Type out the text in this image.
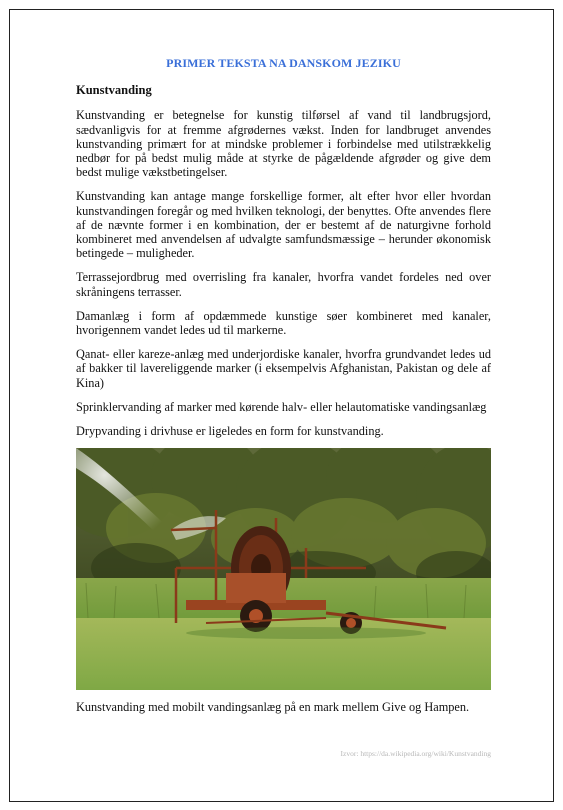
PRIMER TEKSTA NA DANSKOM JEZIKU
Kunstvanding

Kunstvanding er betegnelse for kunstig tilførsel af vand til landbrugsjord, sædvanligvis for at fremme afgrødernes vækst. Inden for landbruget anvendes kunstvanding primært for at mindske problemer i forbindelse med utilstrækkelig nedbør for på bedst mulig måde at styrke de pågældende afgrøder og give dem bedst mulige vækstbetingelser.

Kunstvanding kan antage mange forskellige former, alt efter hvor eller hvordan kunstvandingen foregår og med hvilken teknologi, der benyttes. Ofte anvendes flere af de nævnte former i en kombination, der er bestemt af de naturgivne forhold kombineret med anvendelsen af udvalgte samfundsmæssige – herunder økonomisk betingede – muligheder.

Terrassejordbrug med overrisling fra kanaler, hvorfra vandet fordeles ned over skråningens terrasser.

Damanlæg i form af opdæmmede kunstige søer kombineret med kanaler, hvorigennem vandet ledes ud til markerne.

Qanat- eller kareze-anlæg med underjordiske kanaler, hvorfra grundvandet ledes ud af bakker til lavereliggende marker (i eksempelvis Afghanistan, Pakistan og dele af Kina)

Sprinklervanding af marker med kørende halv- eller helautomatiske vandingsanlæg

Drypvanding i drivhuse er ligeledes en form for kunstvanding.

Kunstvanding med mobilt vandingsanlæg på en mark mellem Give og Hampen.

Izvor: https://da.wikipedia.org/wiki/Kunstvanding
